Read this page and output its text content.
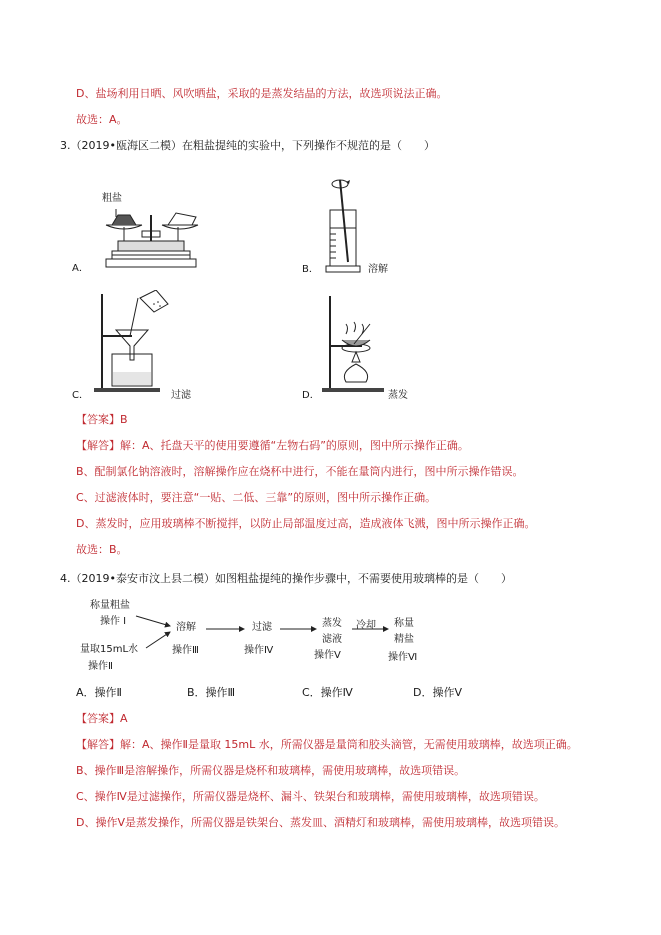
D、盐场利用日晒、风吹晒盐，采取的是蒸发结晶的方法，故选项说法正确。
故选：A。
3.（2019•瓯海区二模）在粗盐提纯的实验中，下列操作不规范的是（　　）
A．
粗盐
B．	溶解
C．	过滤	D．	蒸发
【答案】B
【解答】解：A、托盘天平的使用要遵循“左物右码”的原则，图中所示操作正确。
B、配制氯化钠溶液时，溶解操作应在烧杯中进行，不能在量筒内进行，图中所示操作错误。
C、过滤液体时，要注意“一贴、二低、三靠”的原则，图中所示操作正确。
D、蒸发时，应用玻璃棒不断搅拌，以防止局部温度过高，造成液体飞溅，图中所示操作正确。
故选：B。
4.（2019•泰安市汶上县二模）如图粗盐提纯的操作步骤中，不需要使用玻璃棒的是（　　）
称量粗盐
操作 I
量取15mL水
操作Ⅱ
溶解
操作Ⅲ
过滤
操作Ⅳ
蒸发
滤液
操作Ⅴ
冷却 称量
精盐
操作Ⅵ
A．操作Ⅱ	B．操作Ⅲ	C．操作Ⅳ	D．操作Ⅴ
【答案】A
【解答】解：A、操作Ⅱ是量取 15mL 水，所需仪器是量筒和胶头滴管，无需使用玻璃棒，故选项正确。
B、操作Ⅲ是溶解操作，所需仪器是烧杯和玻璃棒，需使用玻璃棒，故选项错误。
C、操作Ⅳ是过滤操作，所需仪器是烧杯、漏斗、铁架台和玻璃棒，需使用玻璃棒，故选项错误。
D、操作Ⅴ是蒸发操作，所需仪器是铁架台、蒸发皿、酒精灯和玻璃棒，需使用玻璃棒，故选项错误。
